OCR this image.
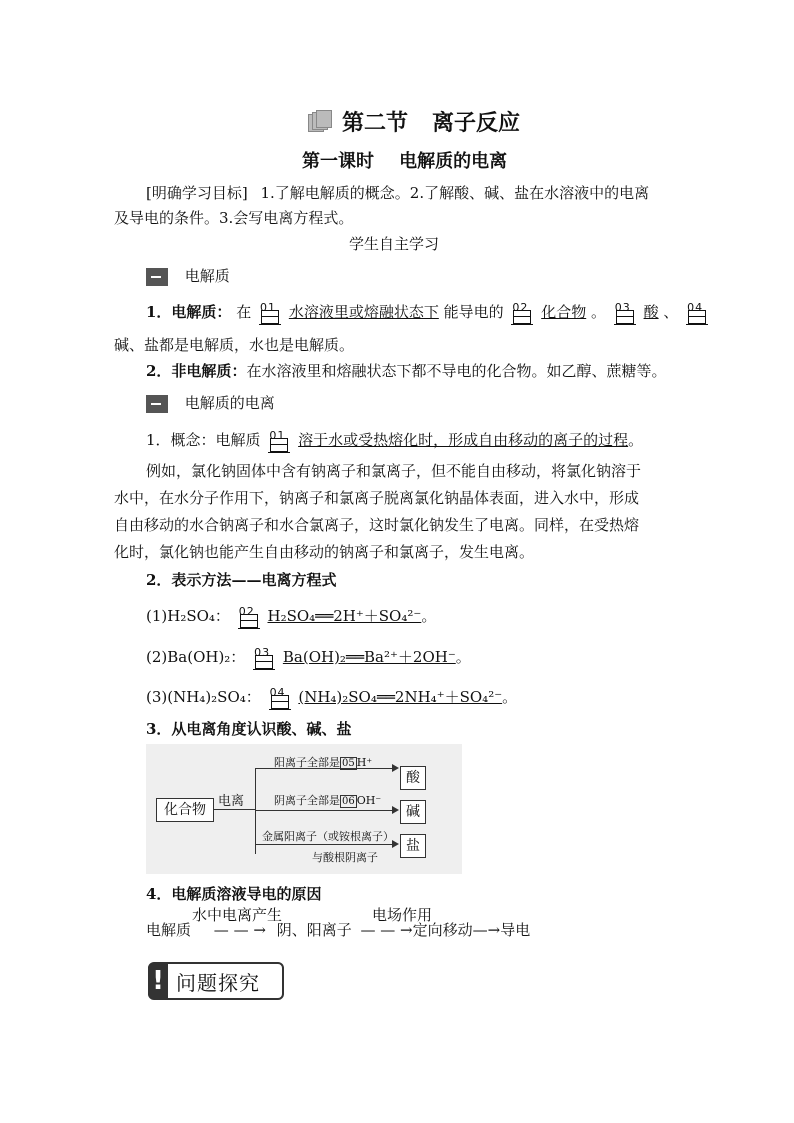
第二节 离子反应
第一课时    电解质的电离
[明确学习目标] 1.了解电解质的概念。2.了解酸、碱、盐在水溶液中的电离
及导电的条件。3.会写电离方程式。
学生自主学习
电解质
1．电解质： 在 01 水溶液里或熔融状态下 能导电的 02 化合物 。 03 酸 、 04
碱、盐都是电解质，水也是电解质。
2．非电解质：在水溶液里和熔融状态下都不导电的化合物。如乙醇、蔗糖等。
电解质的电离
1．概念：电解质 01 溶于水或受热熔化时，形成自由移动的离子的过程。
例如，氯化钠固体中含有钠离子和氯离子，但不能自由移动，将氯化钠溶于
水中，在水分子作用下，钠离子和氯离子脱离氯化钠晶体表面，进入水中，形成
自由移动的水合钠离子和水合氯离子，这时氯化钠发生了电离。同样，在受热熔
化时，氯化钠也能产生自由移动的钠离子和氯离子，发生电离。
2．表示方法——电离方程式
(1)H₂SO₄： 02 H₂SO₄══2H⁺＋SO₄²⁻。
(2)Ba(OH)₂： 03 Ba(OH)₂══Ba²⁺＋2OH⁻。
(3)(NH₄)₂SO₄： 04 (NH₄)₂SO₄══2NH₄⁺＋SO₄²⁻。
3．从电离角度认识酸、碱、盐
化合物
电离
阳离子全部是 05 H⁺
酸
阴离子全部是 06 OH⁻
碱
金属阳离子（或铵根离子）
与酸根阴离子
盐
4．电解质溶液导电的原因
水中电离产生	电场作用
电解质 — — → 阴、阳离子 — — →定向移动—→导电
! 问题探究
